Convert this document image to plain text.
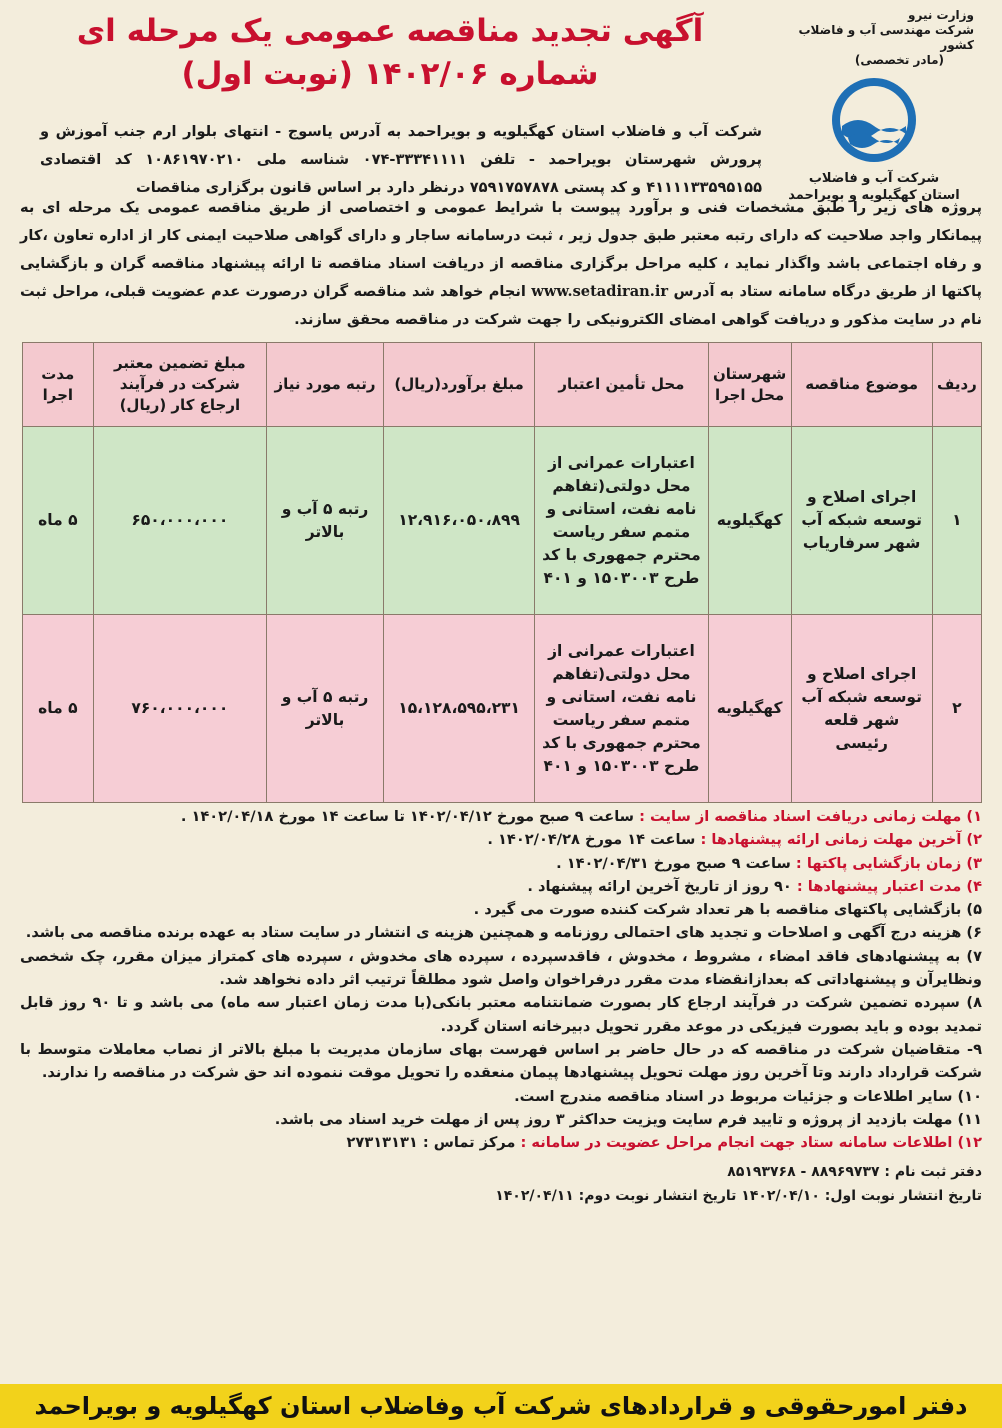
وزارت نیرو
شرکت مهندسی آب و فاضلاب کشور
(مادر تخصصی)
شرکت آب و فاضلاب
استان کهگیلویه و بویراحمد
آگهی تجدید مناقصه عمومی یک مرحله ای
شماره ۱۴۰۲/۰۶ (نوبت اول)
شرکت آب و فاضلاب استان کهگیلویه و بویراحمد به آدرس یاسوج - انتهای بلوار ارم جنب آموزش و پرورش شهرستان بویراحمد - تلفن ۳۳۳۴۱۱۱۱-۰۷۴ شناسه ملی ۱۰۸۶۱۹۷۰۲۱۰ کد اقتصادی ۴۱۱۱۱۳۳۵۹۵۱۵۵ و کد پستی ۷۵۹۱۷۵۷۸۷۸ درنظر دارد بر اساس قانون برگزاری مناقصات
پروژه های زیر را طبق مشخصات فنی و برآورد پیوست با شرایط عمومی و اختصاصی از طریق مناقصه عمومی یک مرحله ای به پیمانکار واجد صلاحیت که دارای رتبه معتبر طبق جدول زیر ، ثبت درسامانه ساجار و دارای گواهی صلاحیت ایمنی کار از اداره تعاون ،کار و رفاه اجتماعی باشد واگذار نماید ، کلیه مراحل برگزاری مناقصه از دریافت اسناد مناقصه تا ارائه پیشنهاد مناقصه گران و بازگشایی پاکتها از طریق درگاه سامانه ستاد به آدرس www.setadiran.ir انجام خواهد شد مناقصه گران درصورت عدم عضویت قبلی، مراحل ثبت نام در سایت مذکور و دریافت گواهی امضای الکترونیکی را جهت شرکت در مناقصه محقق سازند.
ردیف	موضوع مناقصه	شهرستان محل اجرا	محل تأمین اعتبار	مبلغ برآورد(ریال)	رتبه مورد نیاز	مبلغ تضمین معتبر شرکت در فرآیند ارجاع کار (ریال)	مدت اجرا
۱	اجرای اصلاح و توسعه شبکه آب شهر سرفاریاب	کهگیلویه	اعتبارات عمرانی از محل دولتی(تفاهم نامه نفت، استانی و متمم سفر ریاست محترم جمهوری با کد طرح ۱۵۰۳۰۰۳ و ۴۰۱	۱۲،۹۱۶،۰۵۰،۸۹۹	رتبه ۵ آب و بالاتر	۶۵۰،۰۰۰،۰۰۰	۵ ماه
۲	اجرای اصلاح و توسعه شبکه آب شهر قلعه رئیسی	کهگیلویه	اعتبارات عمرانی از محل دولتی(تفاهم نامه نفت، استانی و متمم سفر ریاست محترم جمهوری با کد طرح ۱۵۰۳۰۰۳ و ۴۰۱	۱۵،۱۲۸،۵۹۵،۲۳۱	رتبه ۵ آب و بالاتر	۷۶۰،۰۰۰،۰۰۰	۵ ماه
۱) مهلت زمانی دریافت اسناد مناقصه از سایت : ساعت ۹ صبح مورخ ۱۴۰۲/۰۴/۱۲ تا ساعت ۱۴ مورخ ۱۴۰۲/۰۴/۱۸ .
۲) آخرین مهلت زمانی ارائه پیشنهادها : ساعت ۱۴ مورخ ۱۴۰۲/۰۴/۲۸ .
۳) زمان بازگشایی پاکتها : ساعت ۹ صبح مورخ ۱۴۰۲/۰۴/۳۱ .
۴) مدت اعتبار پیشنهادها : ۹۰ روز از تاریخ آخرین ارائه پیشنهاد .
۵) بازگشایی پاکتهای مناقصه با هر تعداد شرکت کننده صورت می گیرد .
۶) هزینه درج آگهی و اصلاحات و تجدید های احتمالی روزنامه و همچنین هزینه ی انتشار در سایت ستاد به عهده برنده مناقصه می باشد.
۷) به پیشنهادهای فاقد امضاء ، مشروط ، مخدوش ، فاقدسپرده ، سپرده های مخدوش ، سپرده های کمتراز میزان مقرر، چک شخصی ونظایرآن و پیشنهاداتی که بعدازانقضاء مدت مقرر درفراخوان واصل شود مطلقاً ترتیب اثر داده نخواهد شد.
۸) سپرده تضمین شرکت در فرآیند ارجاع کار بصورت ضمانتنامه معتبر بانکی(با مدت زمان اعتبار سه ماه) می باشد و تا ۹۰ روز قابل تمدید بوده و باید بصورت فیزیکی در موعد مقرر تحویل دبیرخانه استان گردد.
۹- متقاضیان شرکت در مناقصه که در حال حاضر بر اساس فهرست بهای سازمان مدیریت با مبلغ بالاتر از نصاب معاملات متوسط با شرکت قرارداد دارند وتا آخرین روز مهلت تحویل پیشنهادها پیمان منعقده را تحویل موقت ننموده اند حق شرکت در مناقصه را ندارند.
۱۰) سایر اطلاعات و جزئیات مربوط در اسناد مناقصه مندرج است.
۱۱) مهلت بازدید از پروژه و تایید فرم سایت ویزیت حداکثر ۳ روز پس از مهلت خرید اسناد می باشد.
۱۲) اطلاعات سامانه ستاد جهت انجام مراحل عضویت در سامانه : مرکز تماس : ۲۷۳۱۳۱۳۱
دفتر ثبت نام : ۸۸۹۶۹۷۳۷ - ۸۵۱۹۳۷۶۸
تاریخ انتشار نوبت اول: ۱۴۰۲/۰۴/۱۰ تاریخ انتشار نوبت دوم: ۱۴۰۲/۰۴/۱۱
دفتر امورحقوقی و قراردادهای شرکت آب وفاضلاب استان کهگیلویه و بویراحمد
